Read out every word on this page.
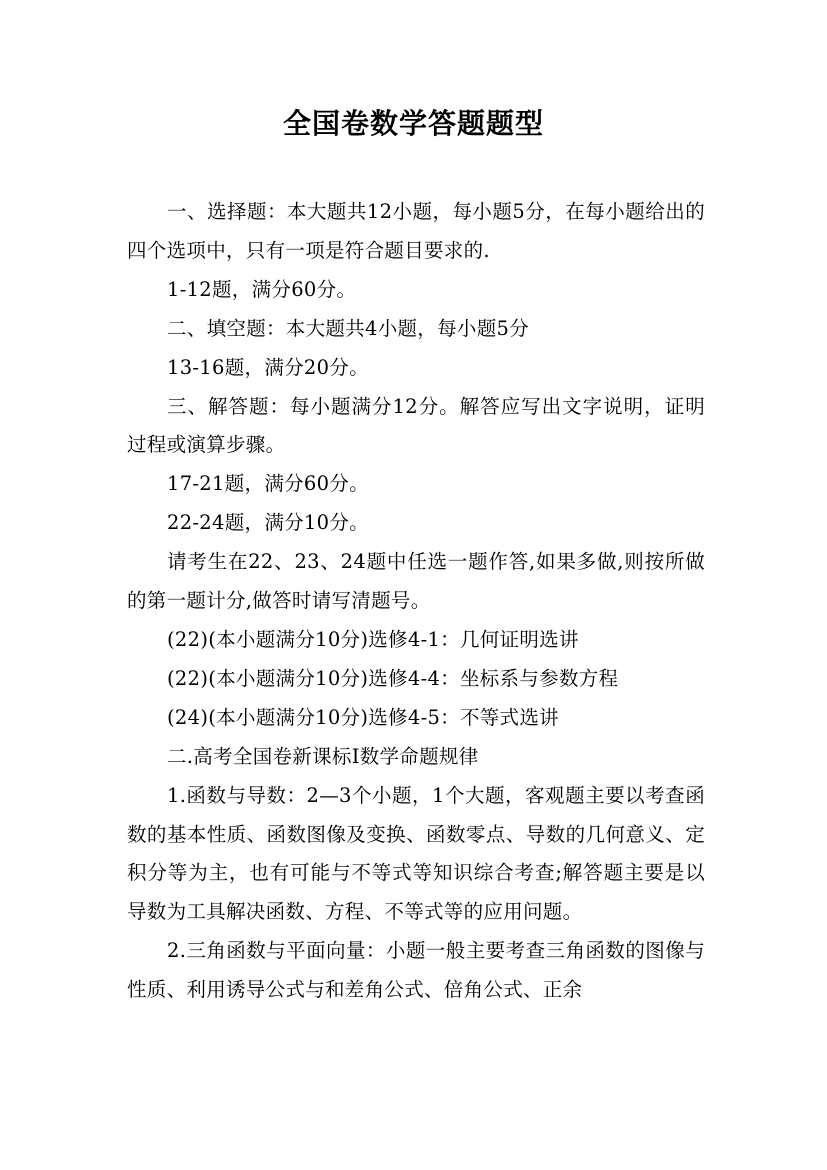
全国卷数学答题题型

一、选择题：本大题共12小题，每小题5分，在每小题给出的四个选项中，只有一项是符合题目要求的.

1-12题，满分60分。

二、填空题：本大题共4小题，每小题5分

13-16题，满分20分。

三、解答题：每小题满分12分。解答应写出文字说明，证明过程或演算步骤。

17-21题，满分60分。

22-24题，满分10分。

请考生在22、23、24题中任选一题作答,如果多做,则按所做的第一题计分,做答时请写清题号。

(22)(本小题满分10分)选修4-1：几何证明选讲

(22)(本小题满分10分)选修4-4：坐标系与参数方程

(24)(本小题满分10分)选修4-5：不等式选讲

二.高考全国卷新课标Ⅰ数学命题规律

1.函数与导数：2—3个小题，1个大题，客观题主要以考查函数的基本性质、函数图像及变换、函数零点、导数的几何意义、定积分等为主，也有可能与不等式等知识综合考查;解答题主要是以导数为工具解决函数、方程、不等式等的应用问题。

2.三角函数与平面向量：小题一般主要考查三角函数的图像与性质、利用诱导公式与和差角公式、倍角公式、正余
